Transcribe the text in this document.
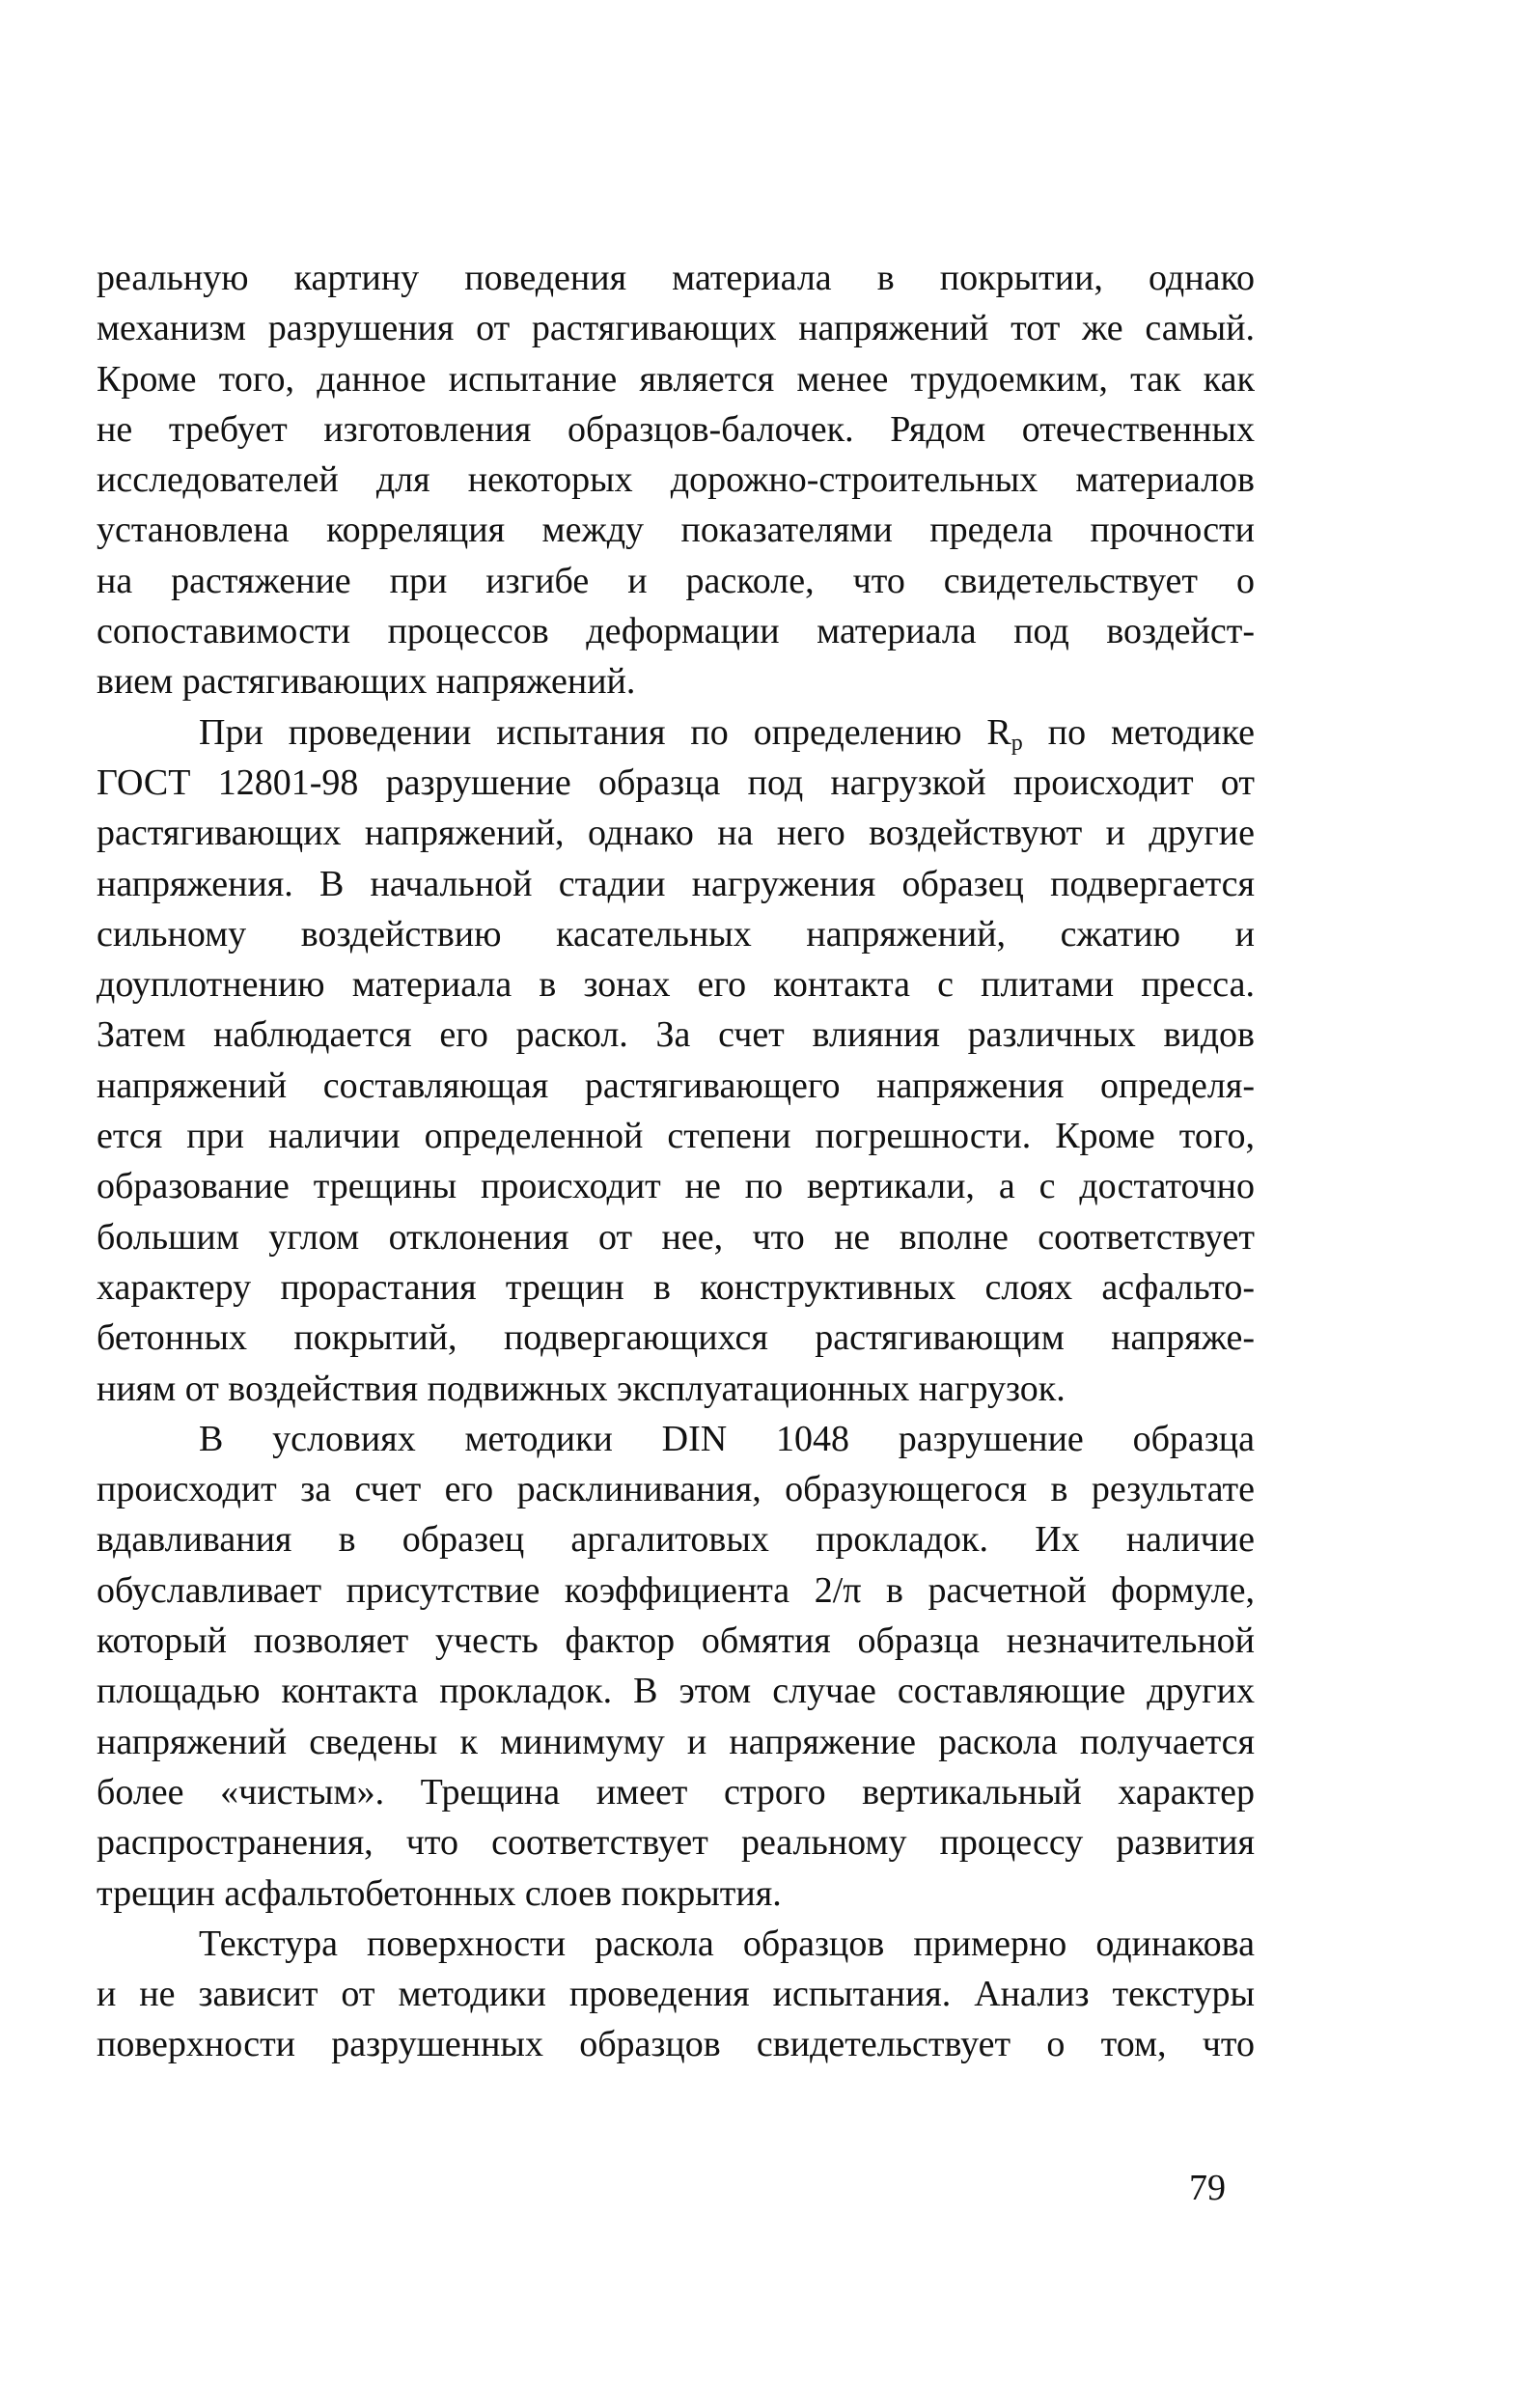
реальную картину поведения материала в покрытии, однако
механизм разрушения от растягивающих напряжений тот же самый.
Кроме того, данное испытание является менее трудоемким, так как
не требует изготовления образцов-балочек. Рядом отечественных
исследователей для некоторых дорожно-строительных материалов
установлена корреляция между показателями предела прочности
на растяжение при изгибе и расколе, что свидетельствует о
сопоставимости процессов деформации материала под воздейст-
вием растягивающих напряжений.

При проведении испытания по определению $R_р$ по методике
ГОСТ 12801-98 разрушение образца под нагрузкой происходит от
растягивающих напряжений, однако на него воздействуют и другие
напряжения. В начальной стадии нагружения образец подвергается
сильному воздействию касательных напряжений, сжатию и
доуплотнению материала в зонах его контакта с плитами пресса.
Затем наблюдается его раскол. За счет влияния различных видов
напряжений составляющая растягивающего напряжения определя-
ется при наличии определенной степени погрешности. Кроме того,
образование трещины происходит не по вертикали, а с достаточно
большим углом отклонения от нее, что не вполне соответствует
характеру прорастания трещин в конструктивных слоях асфальто-
бетонных покрытий, подвергающихся растягивающим напряже-
ниям от воздействия подвижных эксплуатационных нагрузок.

В условиях методики DIN 1048 разрушение образца
происходит за счет его расклинивания, образующегося в результате
вдавливания в образец аргалитовых прокладок. Их наличие
обуславливает присутствие коэффициента 2/π в расчетной формуле,
который позволяет учесть фактор обмятия образца незначительной
площадью контакта прокладок. В этом случае составляющие других
напряжений сведены к минимуму и напряжение раскола получается
более «чистым». Трещина имеет строго вертикальный характер
распространения, что соответствует реальному процессу развития
трещин асфальтобетонных слоев покрытия.

Текстура поверхности раскола образцов примерно одинакова
и не зависит от методики проведения испытания. Анализ текстуры
поверхности разрушенных образцов свидетельствует о том, что

79
